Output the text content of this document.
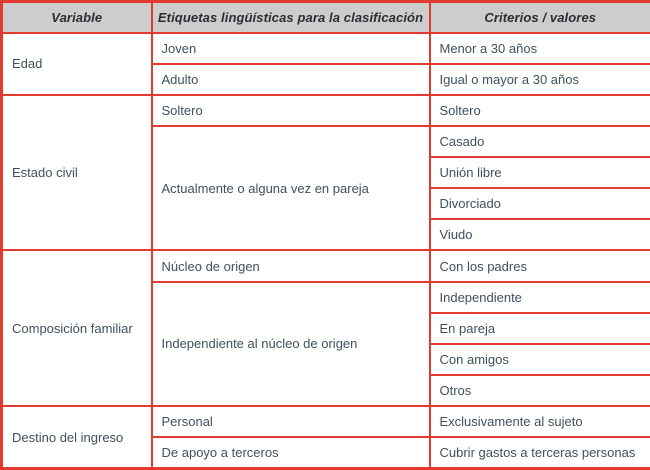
Variable	Etiquetas lingüísticas para la clasificación	Criterios / valores
Edad	Joven	Menor a 30 años
	Adulto	Igual o mayor a 30 años
Estado civil	Soltero	Soltero
	Actualmente o alguna vez en pareja	Casado
		Unión libre
		Divorciado
		Viudo
Composición familiar	Núcleo de origen	Con los padres
	Independiente al núcleo de origen	Independiente
		En pareja
		Con amigos
		Otros
Destino del ingreso	Personal	Exclusivamente al sujeto
	De apoyo a terceros	Cubrir gastos a terceras personas
